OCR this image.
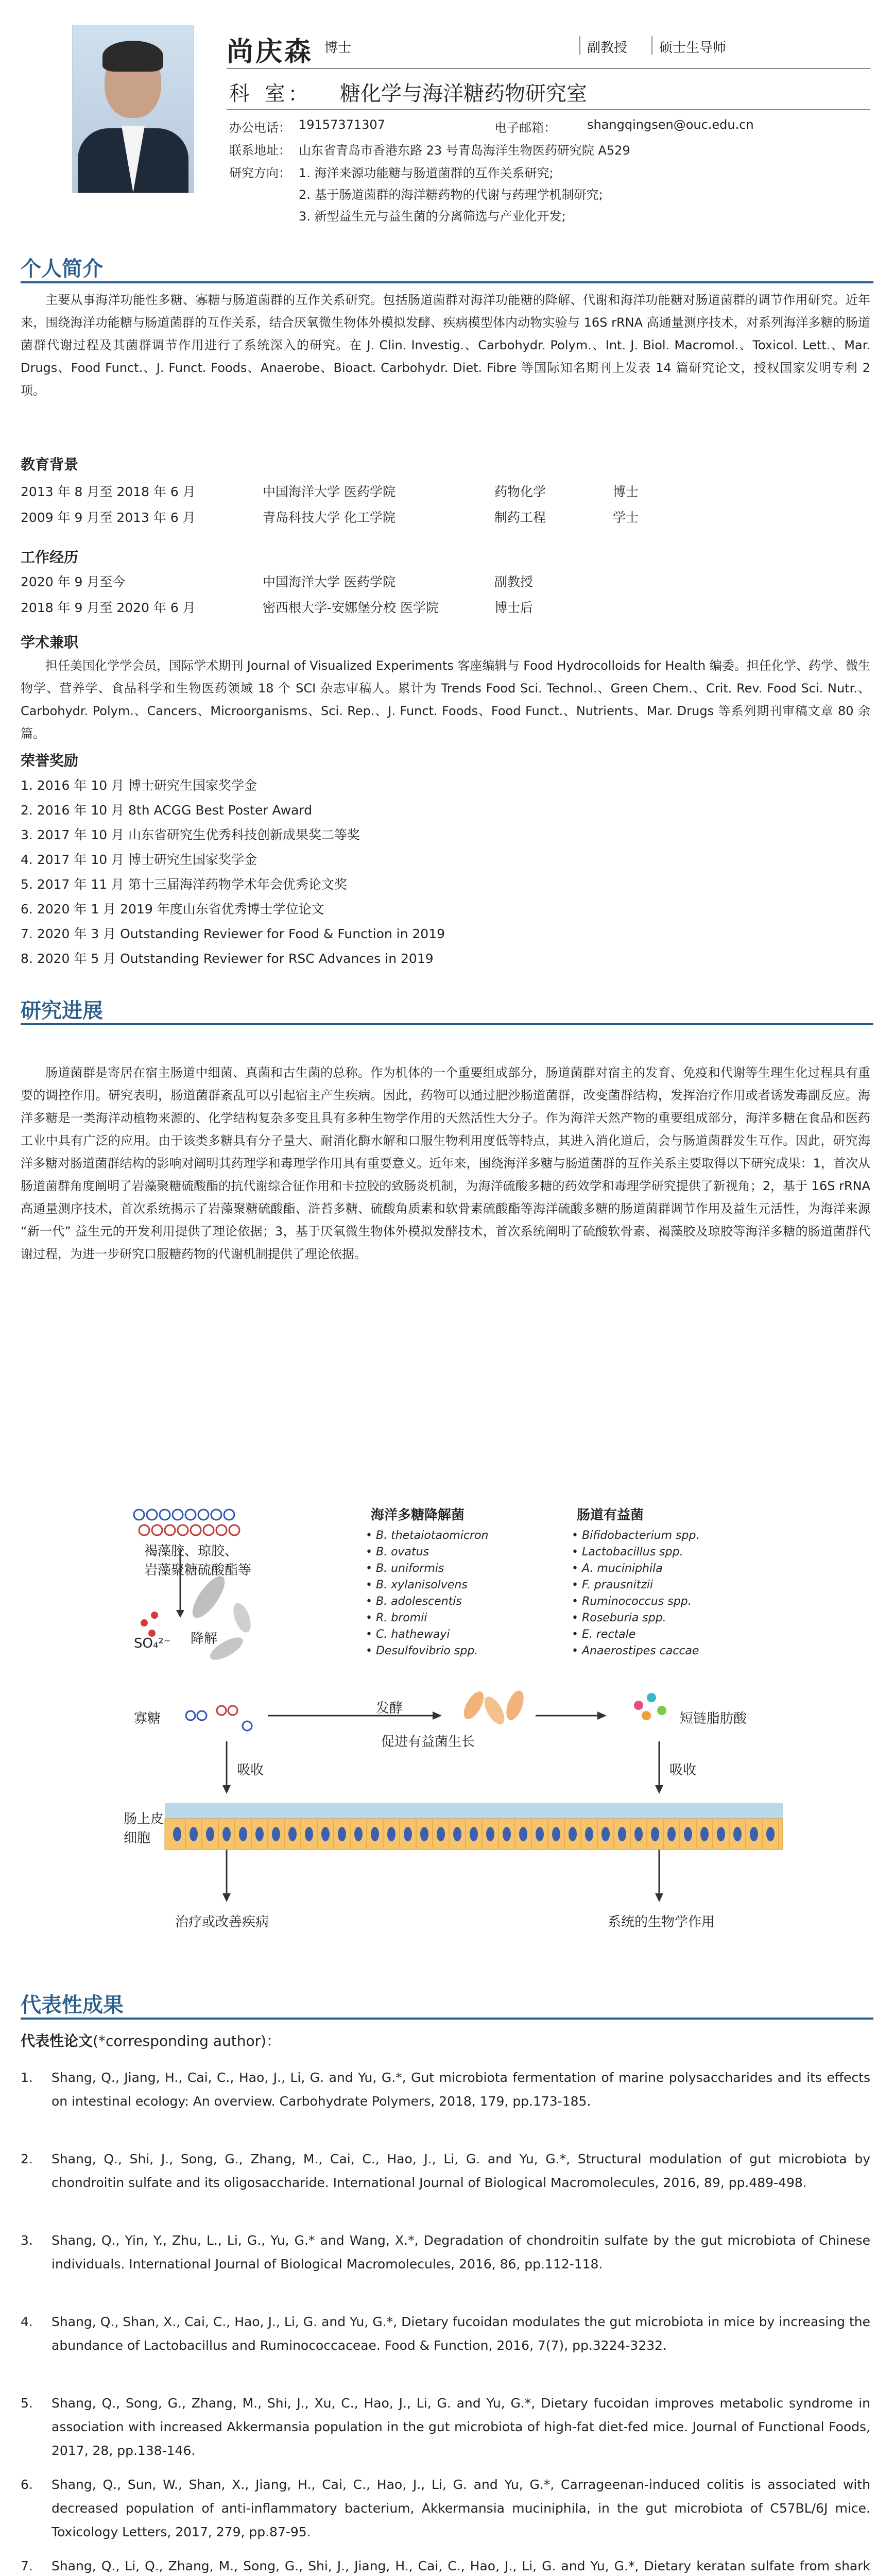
尚庆森 博士	副教授 硕士生导师
科 室: 糖化学与海洋糖药物研究室
办公电话： 19157371307	电子邮箱：	shangqingsen@ouc.edu.cn
联系地址： 山东省青岛市香港东路 23 号青岛海洋生物医药研究院 A529
研究方向： 1. 海洋来源功能糖与肠道菌群的互作关系研究;
2. 基于肠道菌群的海洋糖药物的代谢与药理学机制研究;
3. 新型益生元与益生菌的分离筛选与产业化开发;
个人简介
主要从事海洋功能性多糖、寡糖与肠道菌群的互作关系研究。包括肠道菌群对海洋功能糖的降解、代谢和海洋功能糖对肠道菌群的调节作用研究。近年来，围绕海洋功能糖与肠道菌群的互作关系，结合厌氧微生物体外模拟发酵、疾病模型体内动物实验与 16S rRNA 高通量测序技术，对系列海洋多糖的肠道菌群代谢过程及其菌群调节作用进行了系统深入的研究。在 J. Clin. Investig.、Carbohydr. Polym.、Int. J. Biol. Macromol.、Toxicol. Lett.、Mar. Drugs、Food Funct.、J. Funct. Foods、Anaerobe、Bioact. Carbohydr. Diet. Fibre 等国际知名期刊上发表 14 篇研究论文，授权国家发明专利 2 项。
教育背景
2013 年 8 月至 2018 年 6 月	中国海洋大学 医药学院	药物化学	博士
2009 年 9 月至 2013 年 6 月	青岛科技大学 化工学院	制药工程	学士
工作经历
2020 年 9 月至今	中国海洋大学 医药学院	副教授
2018 年 9 月至 2020 年 6 月	密西根大学-安娜堡分校 医学院	博士后
学术兼职
担任美国化学学会员，国际学术期刊 Journal of Visualized Experiments 客座编辑与 Food Hydrocolloids for Health 编委。担任化学、药学、微生物学、营养学、食品科学和生物医药领域 18 个 SCI 杂志审稿人。累计为 Trends Food Sci. Technol.、Green Chem.、Crit. Rev. Food Sci. Nutr.、Carbohydr. Polym.、Cancers、Microorganisms、Sci. Rep.、J. Funct. Foods、Food Funct.、Nutrients、Mar. Drugs 等系列期刊审稿文章 80 余篇。
荣誉奖励
1. 2016 年 10 月 博士研究生国家奖学金
2. 2016 年 10 月 8th ACGG Best Poster Award
3. 2017 年 10 月 山东省研究生优秀科技创新成果奖二等奖
4. 2017 年 10 月 博士研究生国家奖学金
5. 2017 年 11 月 第十三届海洋药物学术年会优秀论文奖
6. 2020 年 1 月 2019 年度山东省优秀博士学位论文
7. 2020 年 3 月 Outstanding Reviewer for Food & Function in 2019
8. 2020 年 5 月 Outstanding Reviewer for RSC Advances in 2019
研究进展
肠道菌群是寄居在宿主肠道中细菌、真菌和古生菌的总称。作为机体的一个重要组成部分，肠道菌群对宿主的发育、免疫和代谢等生理生化过程具有重要的调控作用。研究表明，肠道菌群紊乱可以引起宿主产生疾病。因此，药物可以通过肥沙肠道菌群，改变菌群结构，发挥治疗作用或者诱发毒副反应。海洋多糖是一类海洋动植物来源的、化学结构复杂多变且具有多种生物学作用的天然活性大分子。作为海洋天然产物的重要组成部分，海洋多糖在食品和医药工业中具有广泛的应用。由于该类多糖具有分子量大、耐消化酶水解和口服生物利用度低等特点，其进入消化道后，会与肠道菌群发生互作。因此，研究海洋多糖对肠道菌群结构的影响对阐明其药理学和毒理学作用具有重要意义。近年来，围绕海洋多糖与肠道菌群的互作关系主要取得以下研究成果：1，首次从肠道菌群角度阐明了岩藻聚糖硫酸酯的抗代谢综合征作用和卡拉胶的致肠炎机制，为海洋硫酸多糖的药效学和毒理学研究提供了新视角；2，基于 16S rRNA 高通量测序技术，首次系统揭示了岩藻聚糖硫酸酯、浒苔多糖、硫酸角质素和软骨素硫酸酯等海洋硫酸多糖的肠道菌群调节作用及益生元活性，为海洋来源 “新一代” 益生元的开发利用提供了理论依据；3，基于厌氧微生物体外模拟发酵技术，首次系统阐明了硫酸软骨素、褐藻胶及琼胶等海洋多糖的肠道菌群代谢过程，为进一步研究口服糖药物的代谢机制提供了理论依据。
褐藻胶、琼胶、
岩藻聚糖硫酸酯等
SO₄²⁻ 降解
海洋多糖降解菌	肠道有益菌
• B. thetaiotaomicron
• B. ovatus
• B. uniformis
• B. xylanisolvens
• B. adolescentis
• R. bromii
• C. hathewayi
• Desulfovibrio spp.
• Bifidobacterium spp.
• Lactobacillus spp.
• A. muciniphila
• F. prausnitzii
• Ruminococcus spp.
• Roseburia spp.
• E. rectale
• Anaerostipes caccae
寡糖
发酵
促进有益菌生长
短链脂肪酸
吸收	吸收
肠上皮
细胞
治疗或改善疾病	系统的生物学作用
代表性成果
代表性论文(*corresponding author)：
1.	Shang, Q., Jiang, H., Cai, C., Hao, J., Li, G. and Yu, G.*, Gut microbiota fermentation of marine polysaccharides and its effects on intestinal ecology: An overview. Carbohydrate Polymers, 2018, 179, pp.173-185.
2.	Shang, Q., Shi, J., Song, G., Zhang, M., Cai, C., Hao, J., Li, G. and Yu, G.*, Structural modulation of gut microbiota by chondroitin sulfate and its oligosaccharide. International Journal of Biological Macromolecules, 2016, 89, pp.489-498.
3.	Shang, Q., Yin, Y., Zhu, L., Li, G., Yu, G.* and Wang, X.*, Degradation of chondroitin sulfate by the gut microbiota of Chinese individuals. International Journal of Biological Macromolecules, 2016, 86, pp.112-118.
4.	Shang, Q., Shan, X., Cai, C., Hao, J., Li, G. and Yu, G.*, Dietary fucoidan modulates the gut microbiota in mice by increasing the abundance of Lactobacillus and Ruminococcaceae. Food & Function, 2016, 7(7), pp.3224-3232.
5.	Shang, Q., Song, G., Zhang, M., Shi, J., Xu, C., Hao, J., Li, G. and Yu, G.*, Dietary fucoidan improves metabolic syndrome in association with increased Akkermansia population in the gut microbiota of high-fat diet-fed mice. Journal of Functional Foods, 2017, 28, pp.138-146.
6.	Shang, Q., Sun, W., Shan, X., Jiang, H., Cai, C., Hao, J., Li, G. and Yu, G.*, Carrageenan-induced colitis is associated with decreased population of anti-inflammatory bacterium, Akkermansia muciniphila, in the gut microbiota of C57BL/6J mice. Toxicology Letters, 2017, 279, pp.87-95.
7.	Shang, Q., Li, Q., Zhang, M., Song, G., Shi, J., Jiang, H., Cai, C., Hao, J., Li, G. and Yu, G.*, Dietary keratan sulfate from shark
